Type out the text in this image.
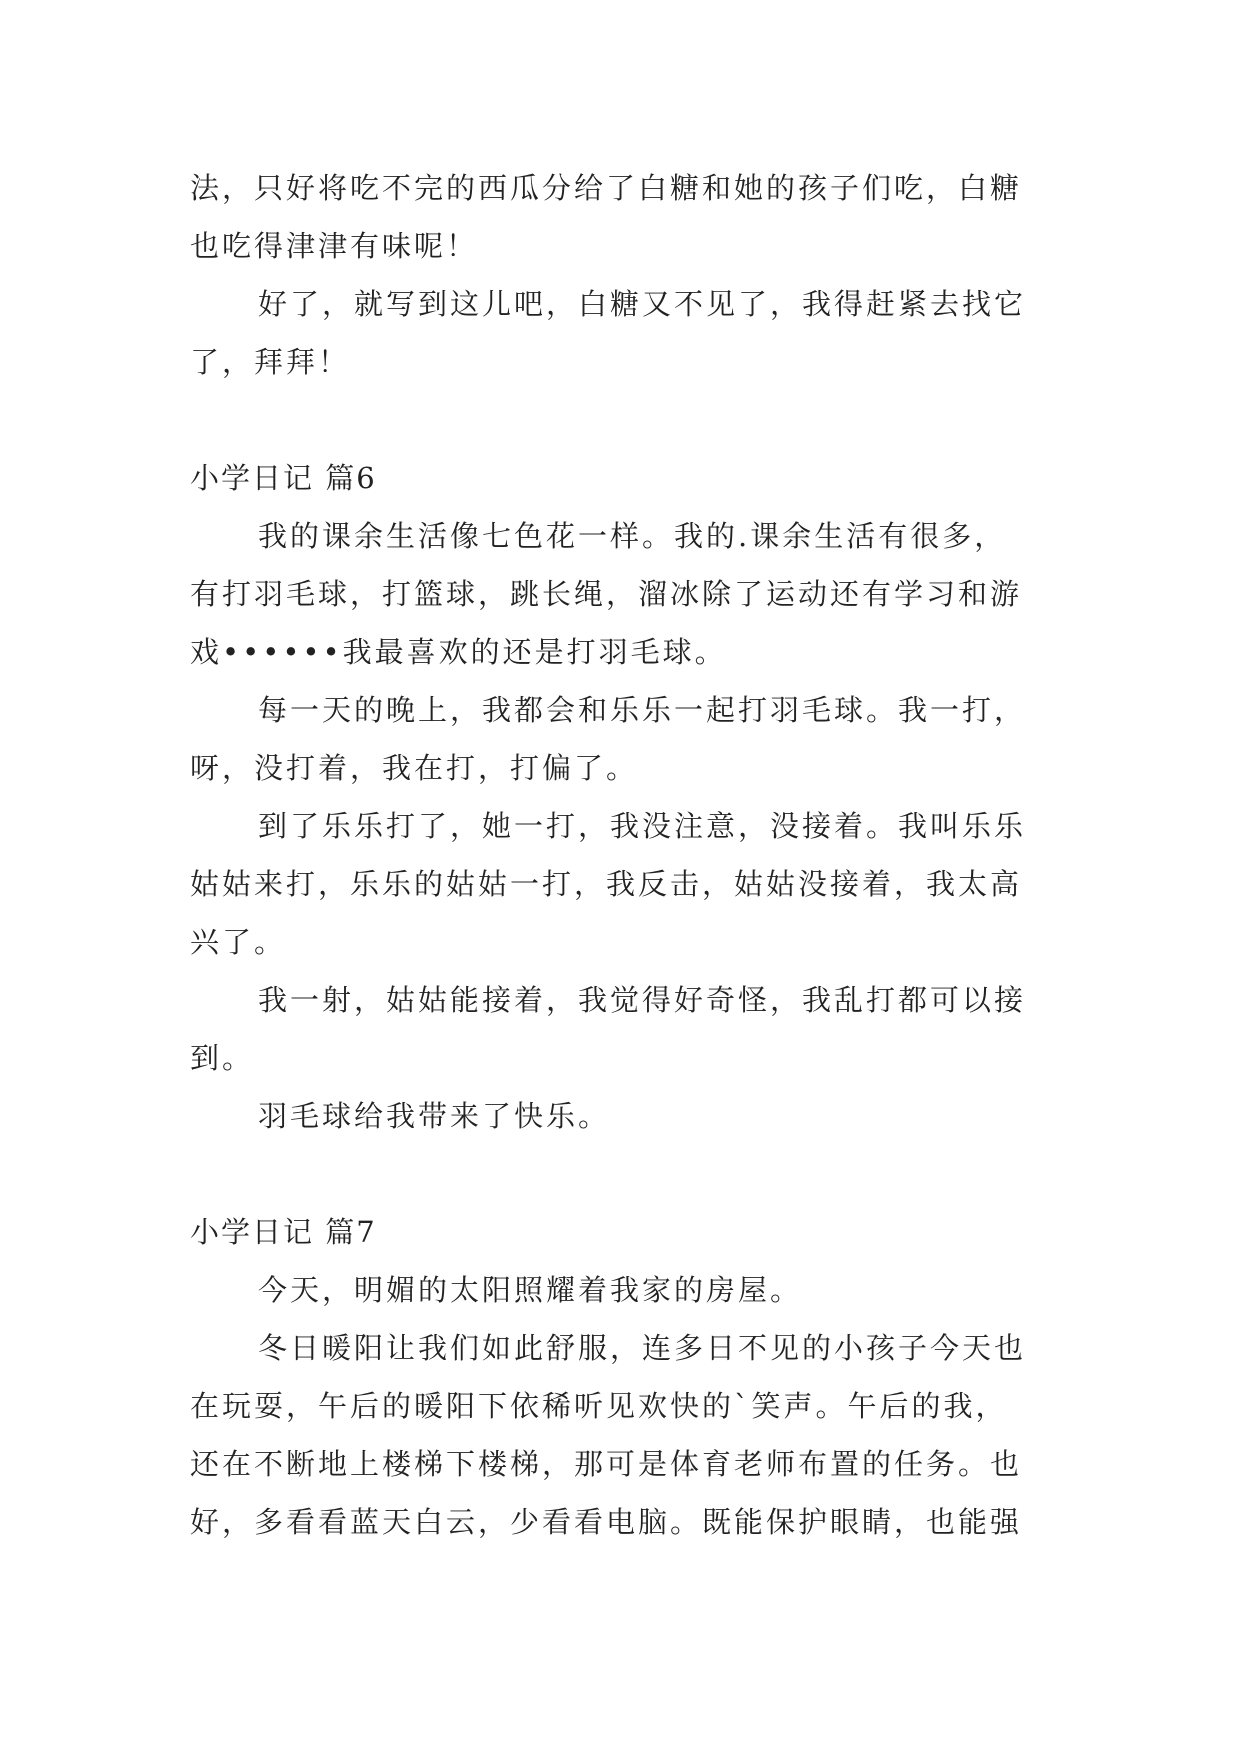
法，只好将吃不完的西瓜分给了白糖和她的孩子们吃，白糖

也吃得津津有味呢！

好了，就写到这儿吧，白糖又不见了，我得赶紧去找它

了，拜拜！

小学日记 篇6

我的课余生活像七色花一样。我的.课余生活有很多，

有打羽毛球，打篮球，跳长绳，溜冰除了运动还有学习和游

戏••••••我最喜欢的还是打羽毛球。

每一天的晚上，我都会和乐乐一起打羽毛球。我一打，

呀，没打着，我在打，打偏了。

到了乐乐打了，她一打，我没注意，没接着。我叫乐乐

姑姑来打，乐乐的姑姑一打，我反击，姑姑没接着，我太高

兴了。

我一射，姑姑能接着，我觉得好奇怪，我乱打都可以接

到。

羽毛球给我带来了快乐。

小学日记 篇7

今天，明媚的太阳照耀着我家的房屋。

冬日暖阳让我们如此舒服，连多日不见的小孩子今天也

在玩耍，午后的暖阳下依稀听见欢快的`笑声。午后的我，

还在不断地上楼梯下楼梯，那可是体育老师布置的任务。也

好，多看看蓝天白云，少看看电脑。既能保护眼睛，也能强
